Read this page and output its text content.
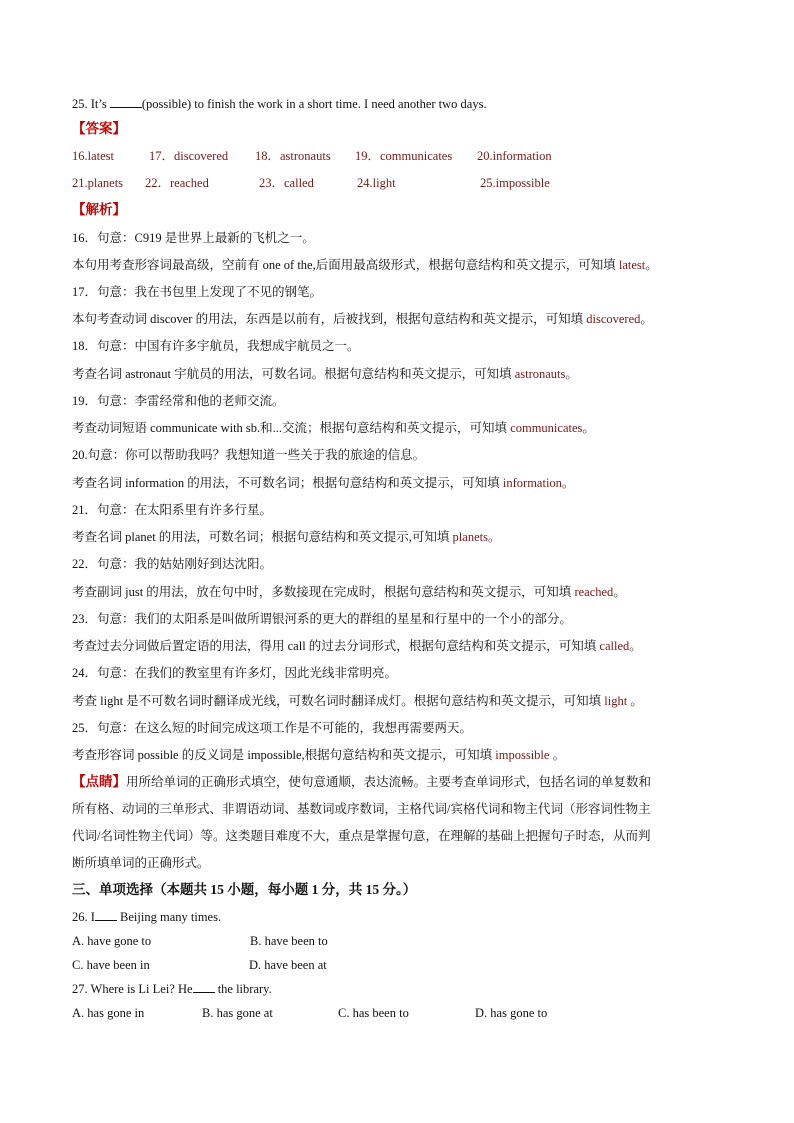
25. It’s	(possible) to finish the work in a short time. I need another two days.
【答案】
16.latest	17．discovered 18．astronauts 19．communicates 20.information
21.planets 22．reached	23．called	24.light	25.impossible
【解析】
16．句意：C919 是世界上最新的飞机之一。
本句用考查形容词最高级，空前有 one of the,后面用最高级形式，根据句意结构和英文提示，可知填 latest。
17．句意：我在书包里上发现了不见的钢笔。
本句考查动词 discover 的用法，东西是以前有，后被找到，根据句意结构和英文提示，可知填 discovered。
18．句意：中国有许多宇航员，我想成宇航员之一。
考查名词 astronaut 宇航员的用法，可数名词。根据句意结构和英文提示，可知填 astronauts。
19．句意：李雷经常和他的老师交流。
考查动词短语 communicate with sb.和...交流；根据句意结构和英文提示，可知填 communicates。
20.句意：你可以帮助我吗？我想知道一些关于我的旅途的信息。
考查名词 information 的用法，不可数名词；根据句意结构和英文提示，可知填 information。
21．句意：在太阳系里有许多行星。
考查名词 planet 的用法，可数名词；根据句意结构和英文提示,可知填 planets。
22．句意：我的姑姑刚好到达沈阳。
考查副词 just 的用法，放在句中时，多数接现在完成时，根据句意结构和英文提示，可知填 reached。
23．句意：我们的太阳系是叫做所谓银河系的更大的群组的星星和行星中的一个小的部分。
考查过去分词做后置定语的用法，得用 call 的过去分词形式，根据句意结构和英文提示，可知填 called。
24．句意：在我们的教室里有许多灯，因此光线非常明亮。
考查 light 是不可数名词时翻译成光线，可数名词时翻译成灯。根据句意结构和英文提示，可知填 light 。
25．句意：在这么短的时间完成这项工作是不可能的，我想再需要两天。
考查形容词 possible 的反义词是 impossible,根据句意结构和英文提示，可知填 impossible 。
【点睛】用所给单词的正确形式填空，使句意通顺，表达流畅。主要考查单词形式，包括名词的单复数和
所有格、动词的三单形式、非谓语动词、基数词或序数词，主格代词/宾格代词和物主代词（形容词性物主
代词/名词性物主代词）等。这类题目难度不大，重点是掌握句意，在理解的基础上把握句子时态，从而判
断所填单词的正确形式。
三、单项选择（本题共 15 小题，每小题 1 分，共 15 分。）
26. I Beijing many times.
A. have gone to	B. have been to
C. have been in	D. have been at
27. Where is Li Lei? He the library.
A. has gone in	B. has gone at	C. has been to	D. has gone to
